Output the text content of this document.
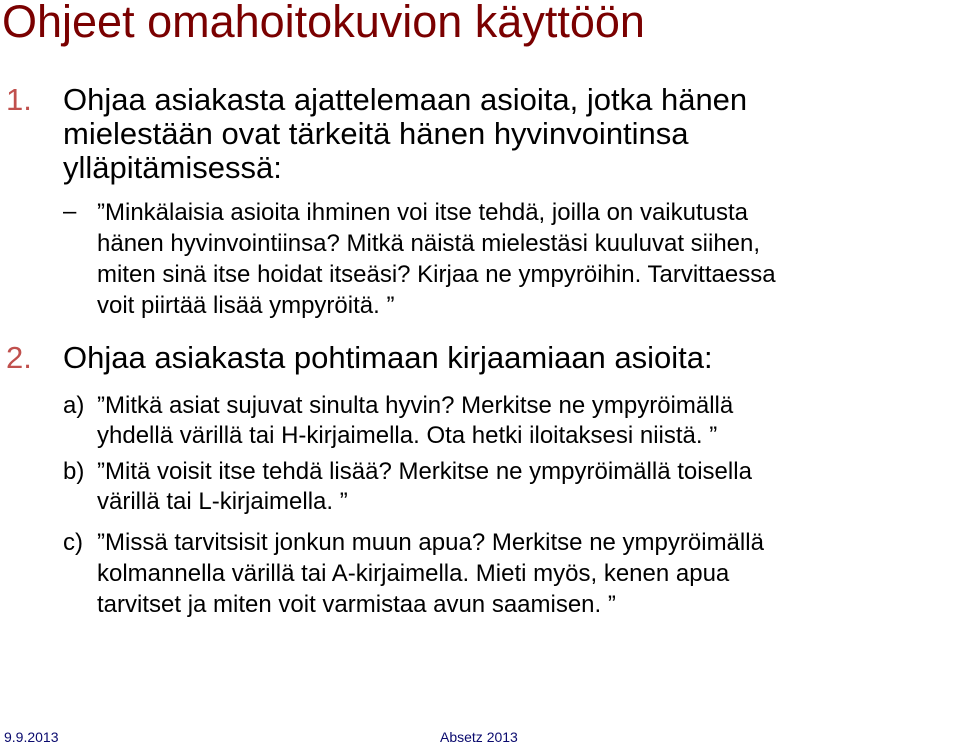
Ohjeet omahoitokuvion käyttöön
1. Ohjaa asiakasta ajattelemaan asioita, jotka hänen
mielestään ovat tärkeitä hänen hyvinvointinsa
ylläpitämisessä:
– ”Minkälaisia asioita ihminen voi itse tehdä, joilla on vaikutusta
hänen hyvinvointiinsa? Mitkä näistä mielestäsi kuuluvat siihen,
miten sinä itse hoidat itseäsi? Kirjaa ne ympyröihin. Tarvittaessa
voit piirtää lisää ympyröitä. ”
2. Ohjaa asiakasta pohtimaan kirjaamiaan asioita:
a) ”Mitkä asiat sujuvat sinulta hyvin? Merkitse ne ympyröimällä
yhdellä värillä tai H-kirjaimella. Ota hetki iloitaksesi niistä. ”
b) ”Mitä voisit itse tehdä lisää? Merkitse ne ympyröimällä toisella
värillä tai L-kirjaimella. ”
c) ”Missä tarvitsisit jonkun muun apua? Merkitse ne ympyröimällä
kolmannella värillä tai A-kirjaimella. Mieti myös, kenen apua
tarvitset ja miten voit varmistaa avun saamisen. ”
9.9.2013	Absetz 2013
